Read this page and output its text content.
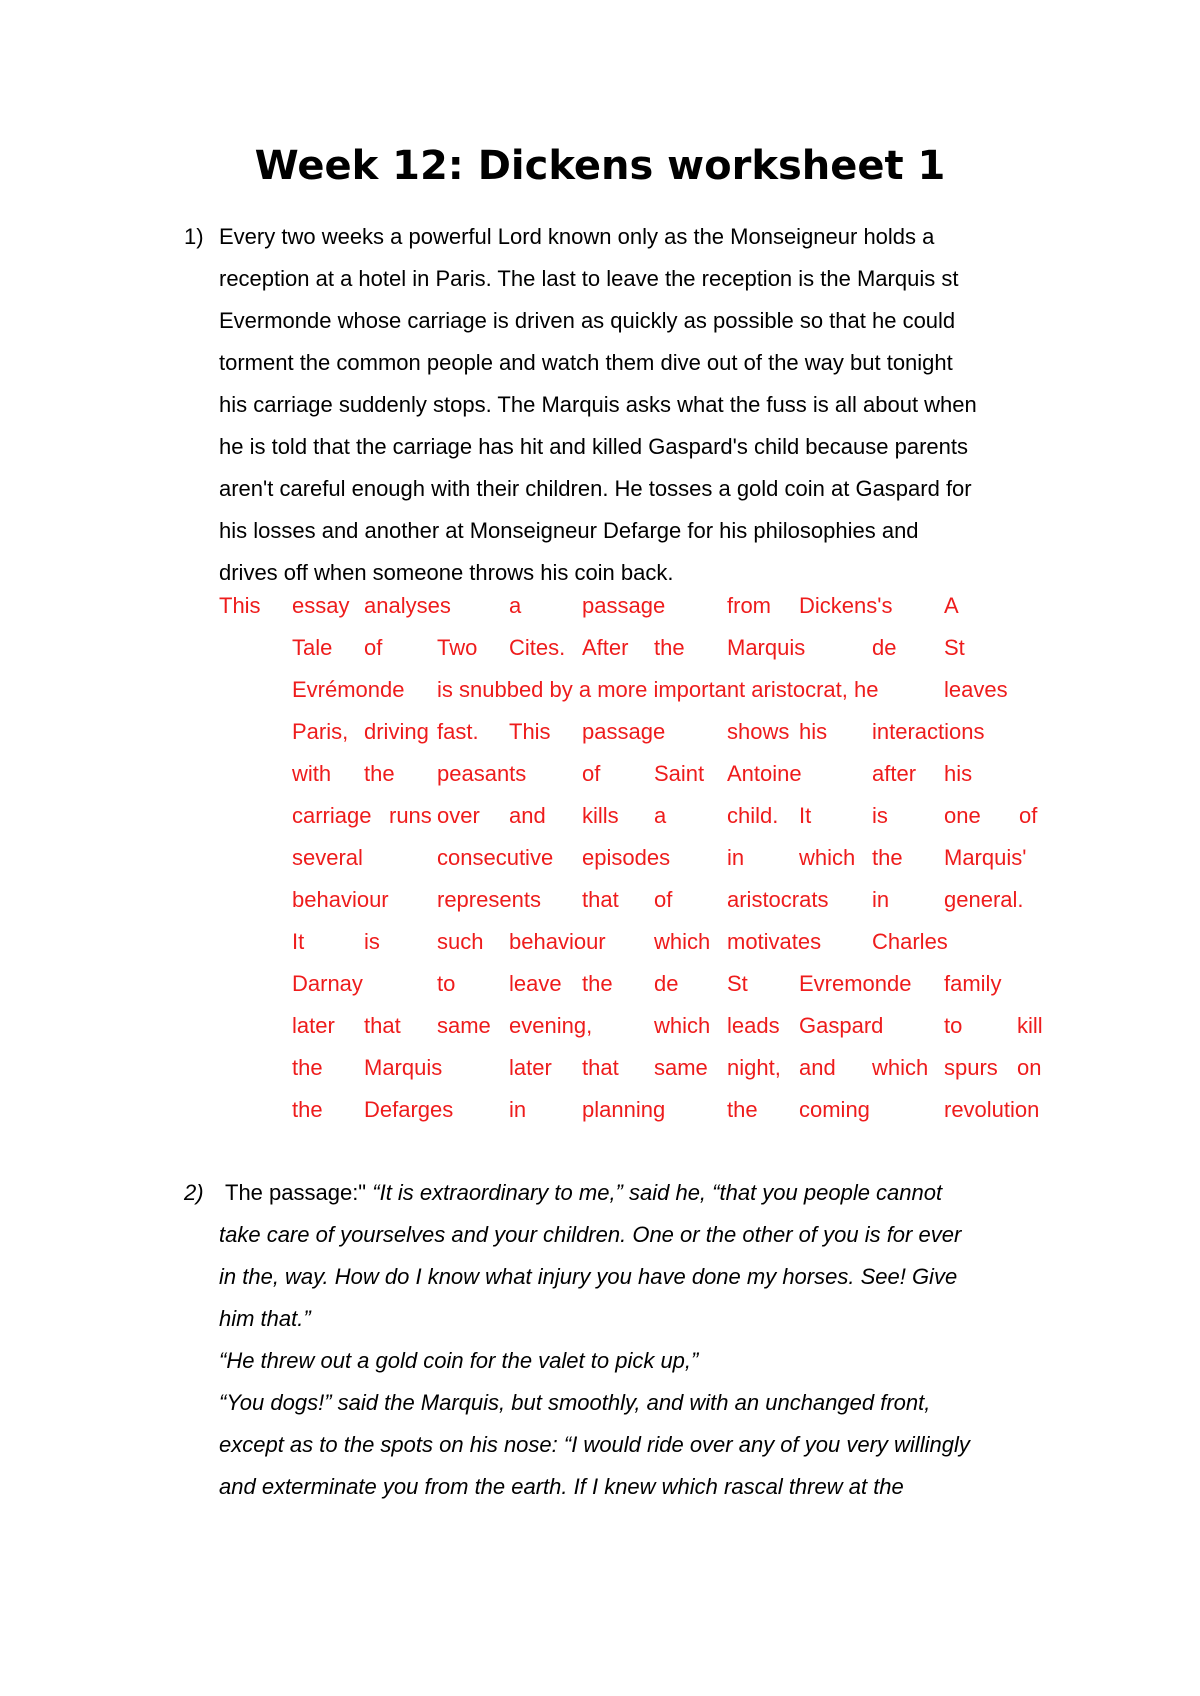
Week 12: Dickens worksheet 1
1) Every two weeks a powerful Lord known only as the Monseigneur holds a
reception at a hotel in Paris. The last to leave the reception is the Marquis st
Evermonde whose carriage is driven as quickly as possible so that he could
torment the common people and watch them dive out of the way but tonight
his carriage suddenly stops. The Marquis asks what the fuss is all about when
he is told that the carriage has hit and killed Gaspard's child because parents
aren't careful enough with their children. He tosses a gold coin at Gaspard for
his losses and another at Monseigneur Defarge for his philosophies and
drives off when someone throws his coin back.
This essay analyses	a	passage	from Dickens's A
Tale of Two Cites. After the Marquis	de St
Evrémonde is snubbed by a more important aristocrat, he	leaves
Paris, driving fast. This passage	shows his interactions
with the peasants	of Saint Antoine	after his
carriage runs over and kills a	child. It	is	one of
several	consecutive episodes	in which the Marquis'
behaviour represents that of aristocrats in general.
It	is	such behaviour which motivates Charles
Darnay	to leave the de St Evremonde family
later that same evening,	which leads Gaspard	to kill
the Marquis	later that same night, and which spurs on
the Defarges	in	planning	the coming	revolution
2) The passage:" “It is extraordinary to me,” said he, “that you people cannot
take care of yourselves and your children. One or the other of you is for ever
in the, way. How do I know what injury you have done my horses. See! Give
him that.”
“He threw out a gold coin for the valet to pick up,”
“You dogs!” said the Marquis, but smoothly, and with an unchanged front,
except as to the spots on his nose: “I would ride over any of you very willingly
and exterminate you from the earth. If I knew which rascal threw at the
